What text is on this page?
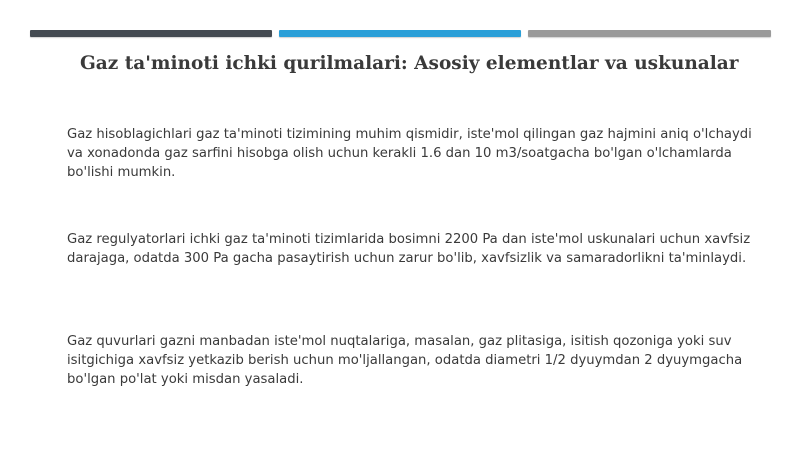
Gaz ta'minoti ichki qurilmalari: Asosiy elementlar va uskunalar

Gaz hisoblagichlari gaz ta'minoti tizimining muhim qismidir, iste'mol qilingan gaz hajmini aniq o'lchaydi va xonadonda gaz sarfini hisobga olish uchun kerakli 1.6 dan 10 m3/soatgacha bo'lgan o'lchamlarda bo'lishi mumkin.

Gaz regulyatorlari ichki gaz ta'minoti tizimlarida bosimni 2200 Pa dan iste'mol uskunalari uchun xavfsiz darajaga, odatda 300 Pa gacha pasaytirish uchun zarur bo'lib, xavfsizlik va samaradorlikni ta'minlaydi.

Gaz quvurlari gazni manbadan iste'mol nuqtalariga, masalan, gaz plitasiga, isitish qozoniga yoki suv isitgichiga xavfsiz yetkazib berish uchun mo'ljallangan, odatda diametri 1/2 dyuymdan 2 dyuymgacha bo'lgan po'lat yoki misdan yasaladi.
